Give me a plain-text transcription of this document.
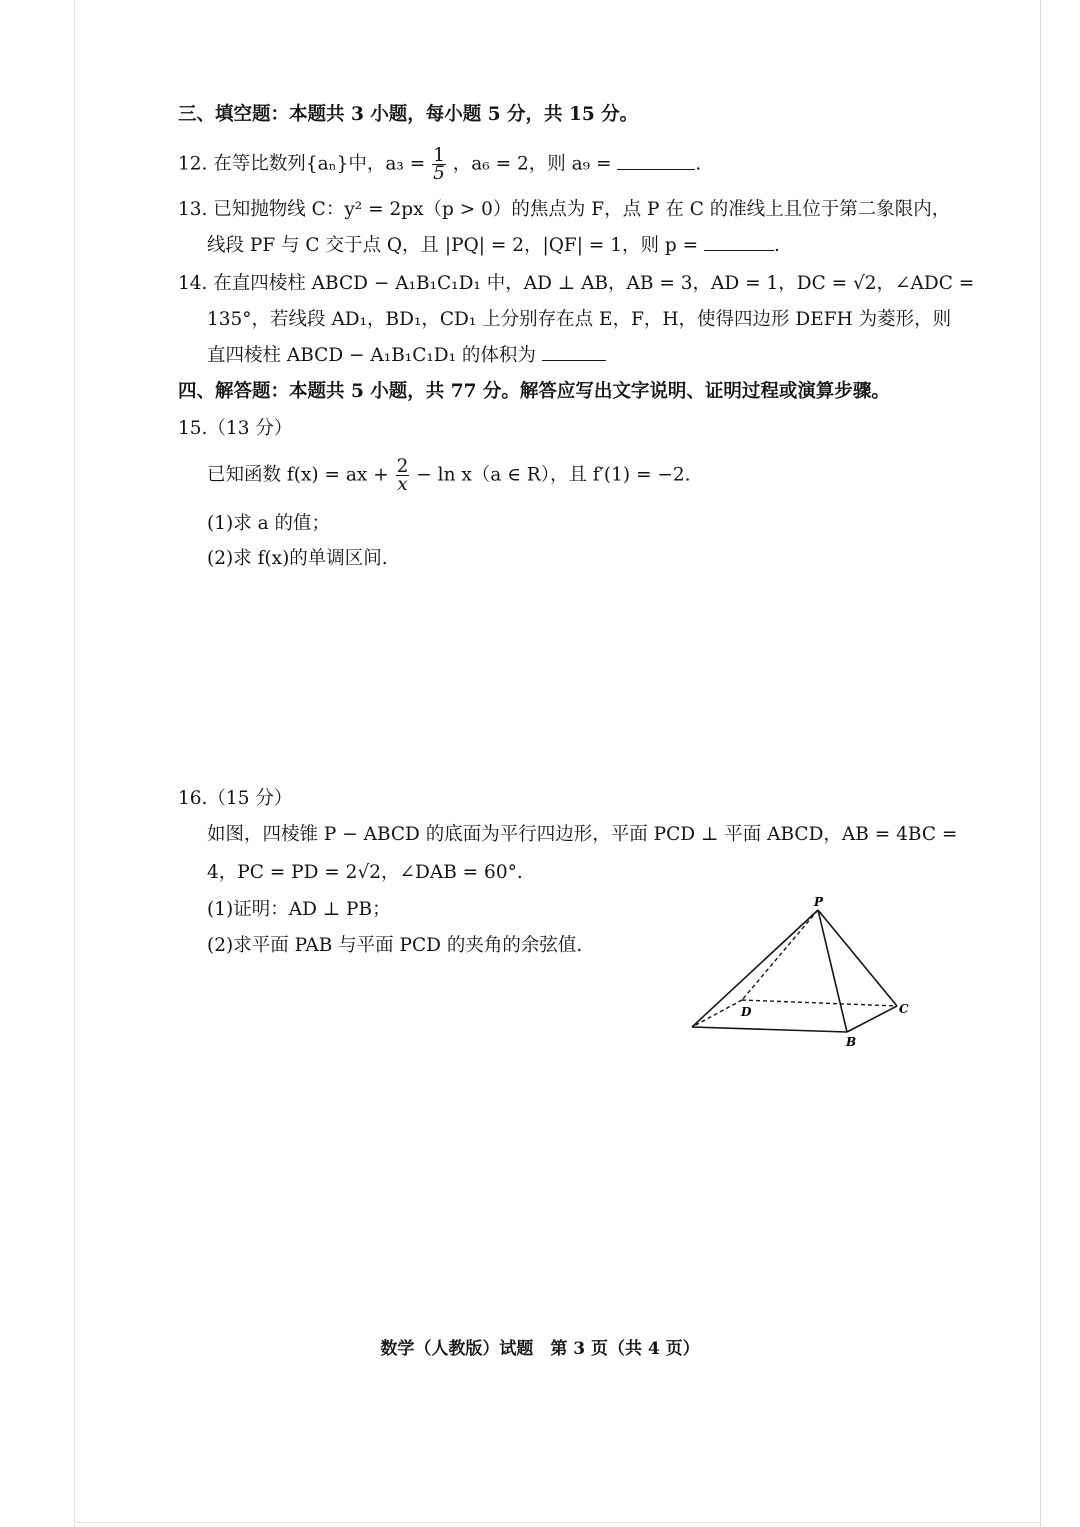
三、填空题：本题共 3 小题，每小题 5 分，共 15 分。
12. 在等比数列{aₙ}中，$a_3 = \frac{1}{5}$ ，a₆ = 2，则 a₉ =	.
13. 已知抛物线 C：y² = 2px（p > 0）的焦点为 F，点 P 在 C 的准线上且位于第二象限内，
线段 PF 与 C 交于点 Q，且 |PQ| = 2，|QF| = 1，则 p =	.
14. 在直四棱柱 ABCD − A₁B₁C₁D₁ 中，AD ⊥ AB，AB = 3，AD = 1，DC = √2，∠ADC =
135°，若线段 AD₁，BD₁，CD₁ 上分别存在点 E，F，H，使得四边形 DEFH 为菱形，则
直四棱柱 ABCD − A₁B₁C₁D₁ 的体积为
四、解答题：本题共 5 小题，共 77 分。解答应写出文字说明、证明过程或演算步骤。
15.（13 分）
已知函数 f(x) = ax + $\frac{2}{x} - \ln x(a$ ∈ R），且 f′(1) = −2.
(1)求 a 的值；
(2)求 f(x)的单调区间.
16.（15 分）
如图，四棱锥 P − ABCD 的底面为平行四边形，平面 PCD ⊥ 平面 ABCD，AB = 4BC =
4，PC = PD = 2√2，∠DAB = 60°.
(1)证明：AD ⊥ PB；
(2)求平面 PAB 与平面 PCD 的夹角的余弦值.
P
D	C
B
数学（人教版）试题　第 3 页（共 4 页）
